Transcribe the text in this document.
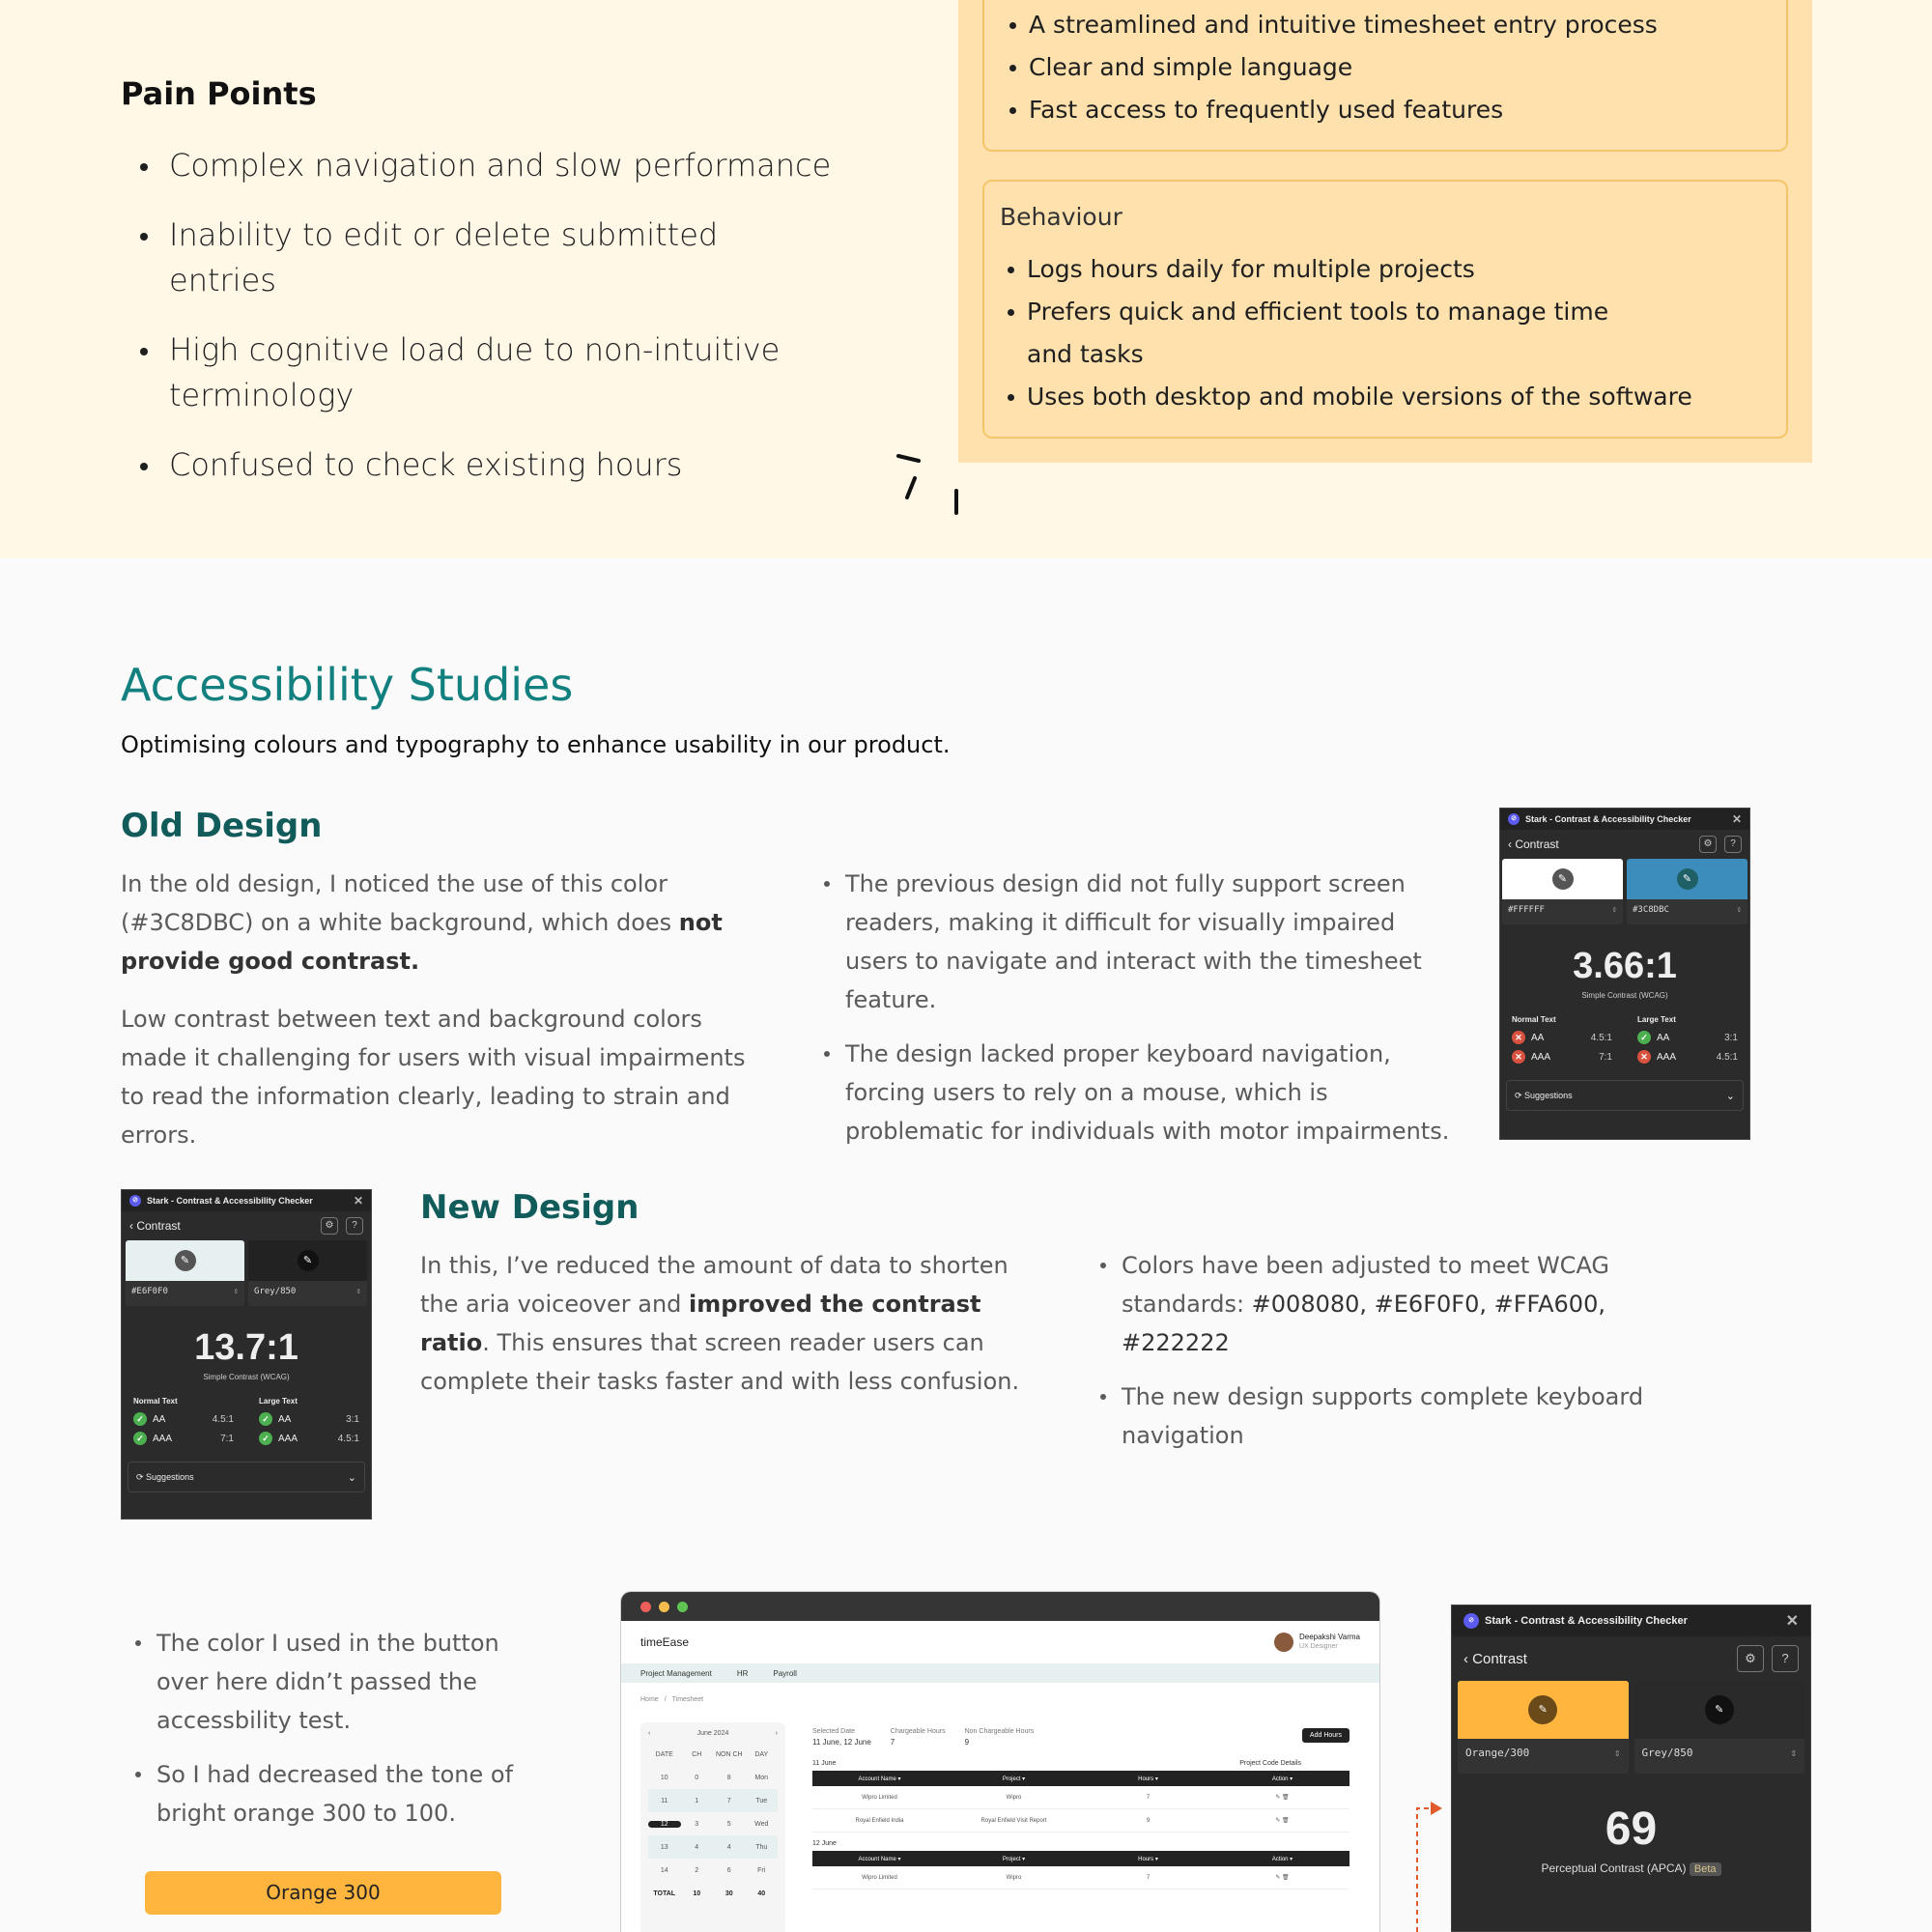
Pain Points
Complex navigation and slow performance
Inability to edit or delete submitted entries
High cognitive load due to non-intuitive terminology
Confused to check existing hours
A streamlined and intuitive timesheet entry process
Clear and simple language
Fast access to frequently used features
Behaviour
Logs hours daily for multiple projects
Prefers quick and efficient tools to manage time and tasks
Uses both desktop and mobile versions of the software
Accessibility Studies

Optimising colours and typography to enhance usability in our product.

Old Design

In the old design, I noticed the use of this color (#3C8DBC) on a white background, which does not provide good contrast.

Low contrast between text and background colors made it challenging for users with visual impairments to read the information clearly, leading to strain and errors.

The previous design did not fully support screen readers, making it difficult for visually impaired users to navigate and interact with the timesheet feature.
The design lacked proper keyboard navigation, forcing users to rely on a mouse, which is problematic for individuals with motor impairments.
⊘	Stark - Contrast & Accessibility Checker	✕
‹ Contrast	⚙	?
✎
#FFFFFF	⇕
✎
#3C8DBC	⇕
3.66:1
Simple Contrast (WCAG)
Normal Text
✕ AA	4.5:1
✕ AAA	7:1
Large Text
✓ AA	3:1
✕ AAA	4.5:1
⟳ Suggestions	⌄
⊘	Stark - Contrast & Accessibility Checker	✕
‹ Contrast	⚙	?
✎
#E6F0F0	⇕
✎
Grey/850	⇕
13.7:1
Simple Contrast (WCAG)
Normal Text
✓ AA	4.5:1
✓ AAA	7:1
Large Text
✓ AA	3:1
✓ AAA	4.5:1
⟳ Suggestions	⌄
New Design

In this, I’ve reduced the amount of data to shorten the aria voiceover and improved the contrast ratio. This ensures that screen reader users can complete their tasks faster and with less confusion.

Colors have been adjusted to meet WCAG standards: #008080, #E6F0F0, #FFA600, #222222
The new design supports complete keyboard navigation
The color I used in the button over here didn’t passed the accessbility test.
So I had decreased the tone of bright orange 300 to 100.
Orange 300
timeEase	Deepakshi Varma
UX Designer
Project Management	HR	Payroll
Home / Timesheet
‹	June 2024	›
DATE	CH	NON CH	DAY
10	0	8	Mon
11	1	7	Tue
12	3	5	Wed
13	4	4	Thu
14	2	6	Fri
TOTAL	10	30	40
Selected Date
11 June, 12 June
Chargeable Hours
7
Non Chargeable Hours
9
Add Hours
11 June	Project Code Details
Account Name ▾	Project ▾	Hours ▾	Action ▾
Wipro Limited	Wipro	7	✎ 🗑
Royal Enfield India	Royal Enfield Visit Report	9	✎ 🗑
12 June
Account Name ▾	Project ▾	Hours ▾	Action ▾
Wipro Limited	Wipro	7	✎ 🗑
⊘	Stark - Contrast & Accessibility Checker	✕
‹ Contrast	⚙	?
✎
Orange/300	⇕
✎
Grey/850	⇕
69
Perceptual Contrast (APCA) Beta
